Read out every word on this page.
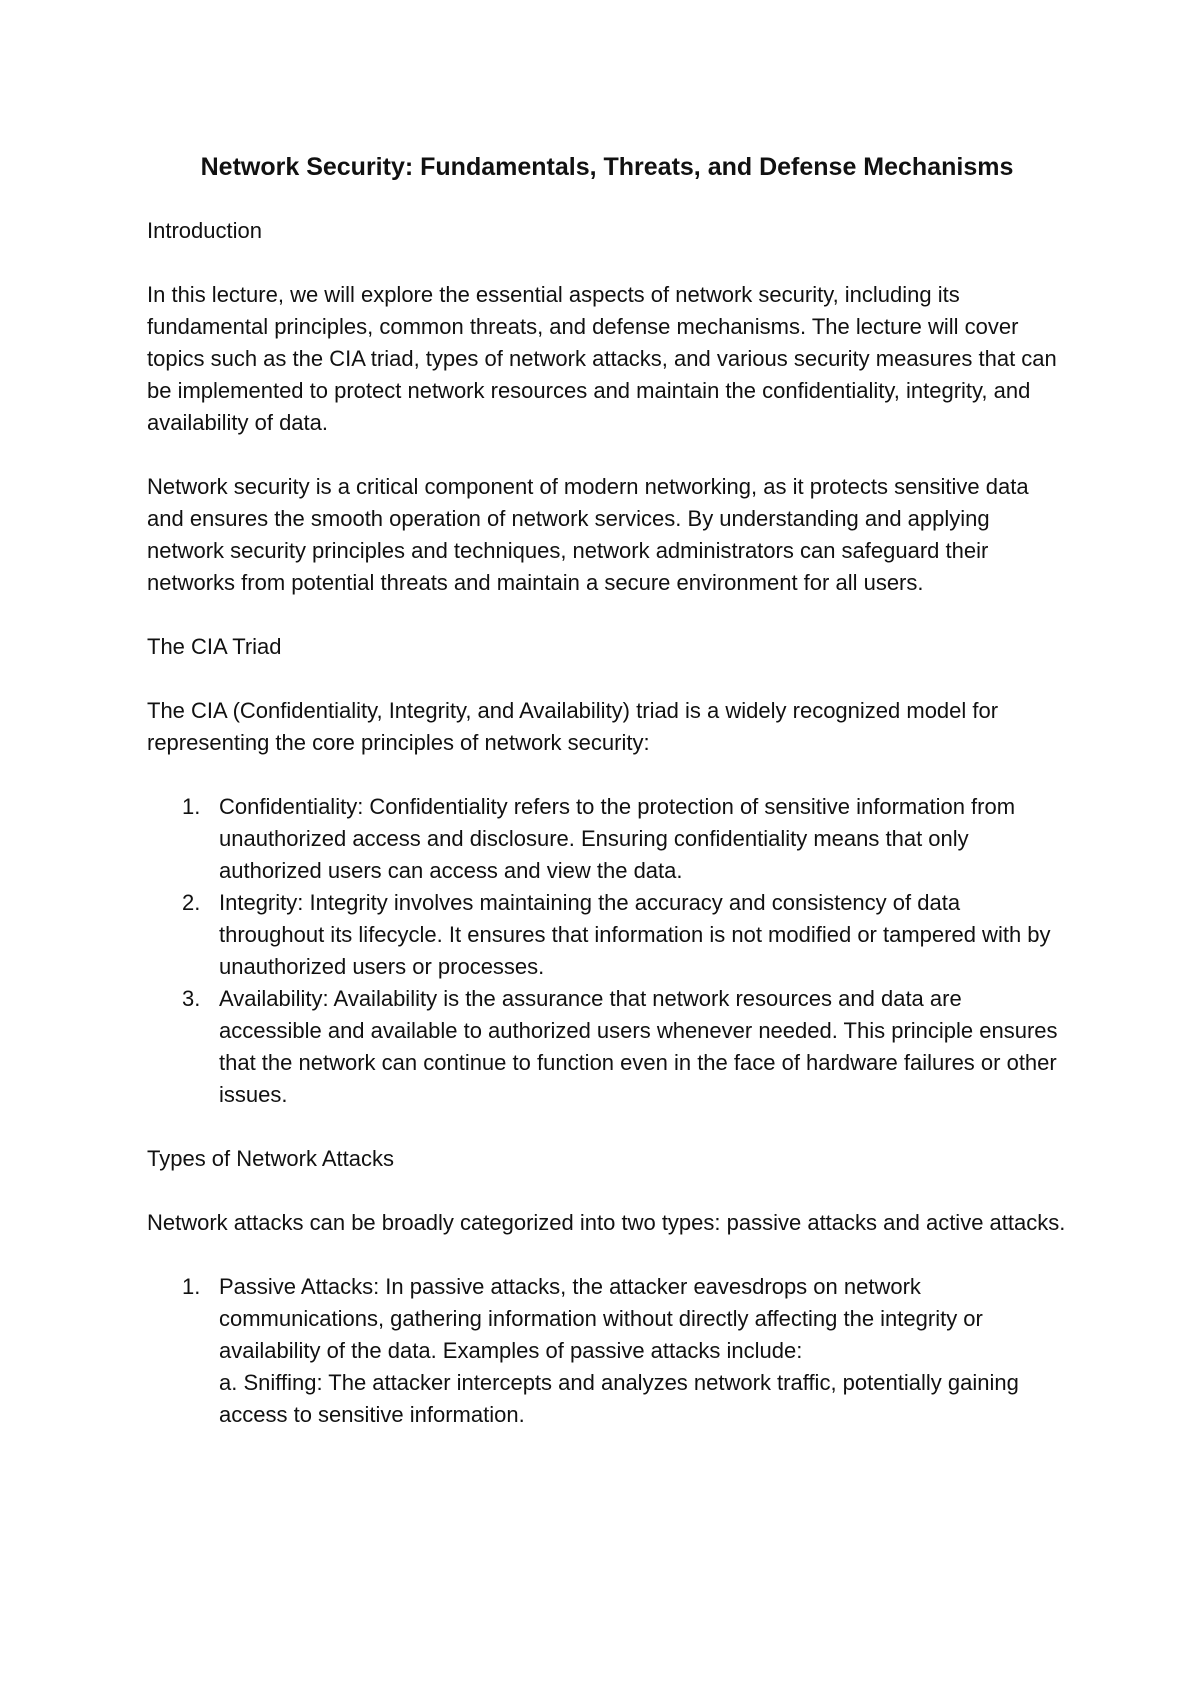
Network Security: Fundamentals, Threats, and Defense Mechanisms
Introduction

In this lecture, we will explore the essential aspects of network security, including its fundamental principles, common threats, and defense mechanisms. The lecture will cover topics such as the CIA triad, types of network attacks, and various security measures that can be implemented to protect network resources and maintain the confidentiality, integrity, and availability of data.

Network security is a critical component of modern networking, as it protects sensitive data and ensures the smooth operation of network services. By understanding and applying network security principles and techniques, network administrators can safeguard their networks from potential threats and maintain a secure environment for all users.

The CIA Triad

The CIA (Confidentiality, Integrity, and Availability) triad is a widely recognized model for representing the core principles of network security:

1. Confidentiality: Confidentiality refers to the protection of sensitive information from unauthorized access and disclosure. Ensuring confidentiality means that only authorized users can access and view the data.
2. Integrity: Integrity involves maintaining the accuracy and consistency of data throughout its lifecycle. It ensures that information is not modified or tampered with by unauthorized users or processes.
3. Availability: Availability is the assurance that network resources and data are accessible and available to authorized users whenever needed. This principle ensures that the network can continue to function even in the face of hardware failures or other issues.
Types of Network Attacks

Network attacks can be broadly categorized into two types: passive attacks and active attacks.

1. Passive Attacks: In passive attacks, the attacker eavesdrops on network communications, gathering information without directly affecting the integrity or availability of the data. Examples of passive attacks include:
a. Sniffing: The attacker intercepts and analyzes network traffic, potentially gaining access to sensitive information.
